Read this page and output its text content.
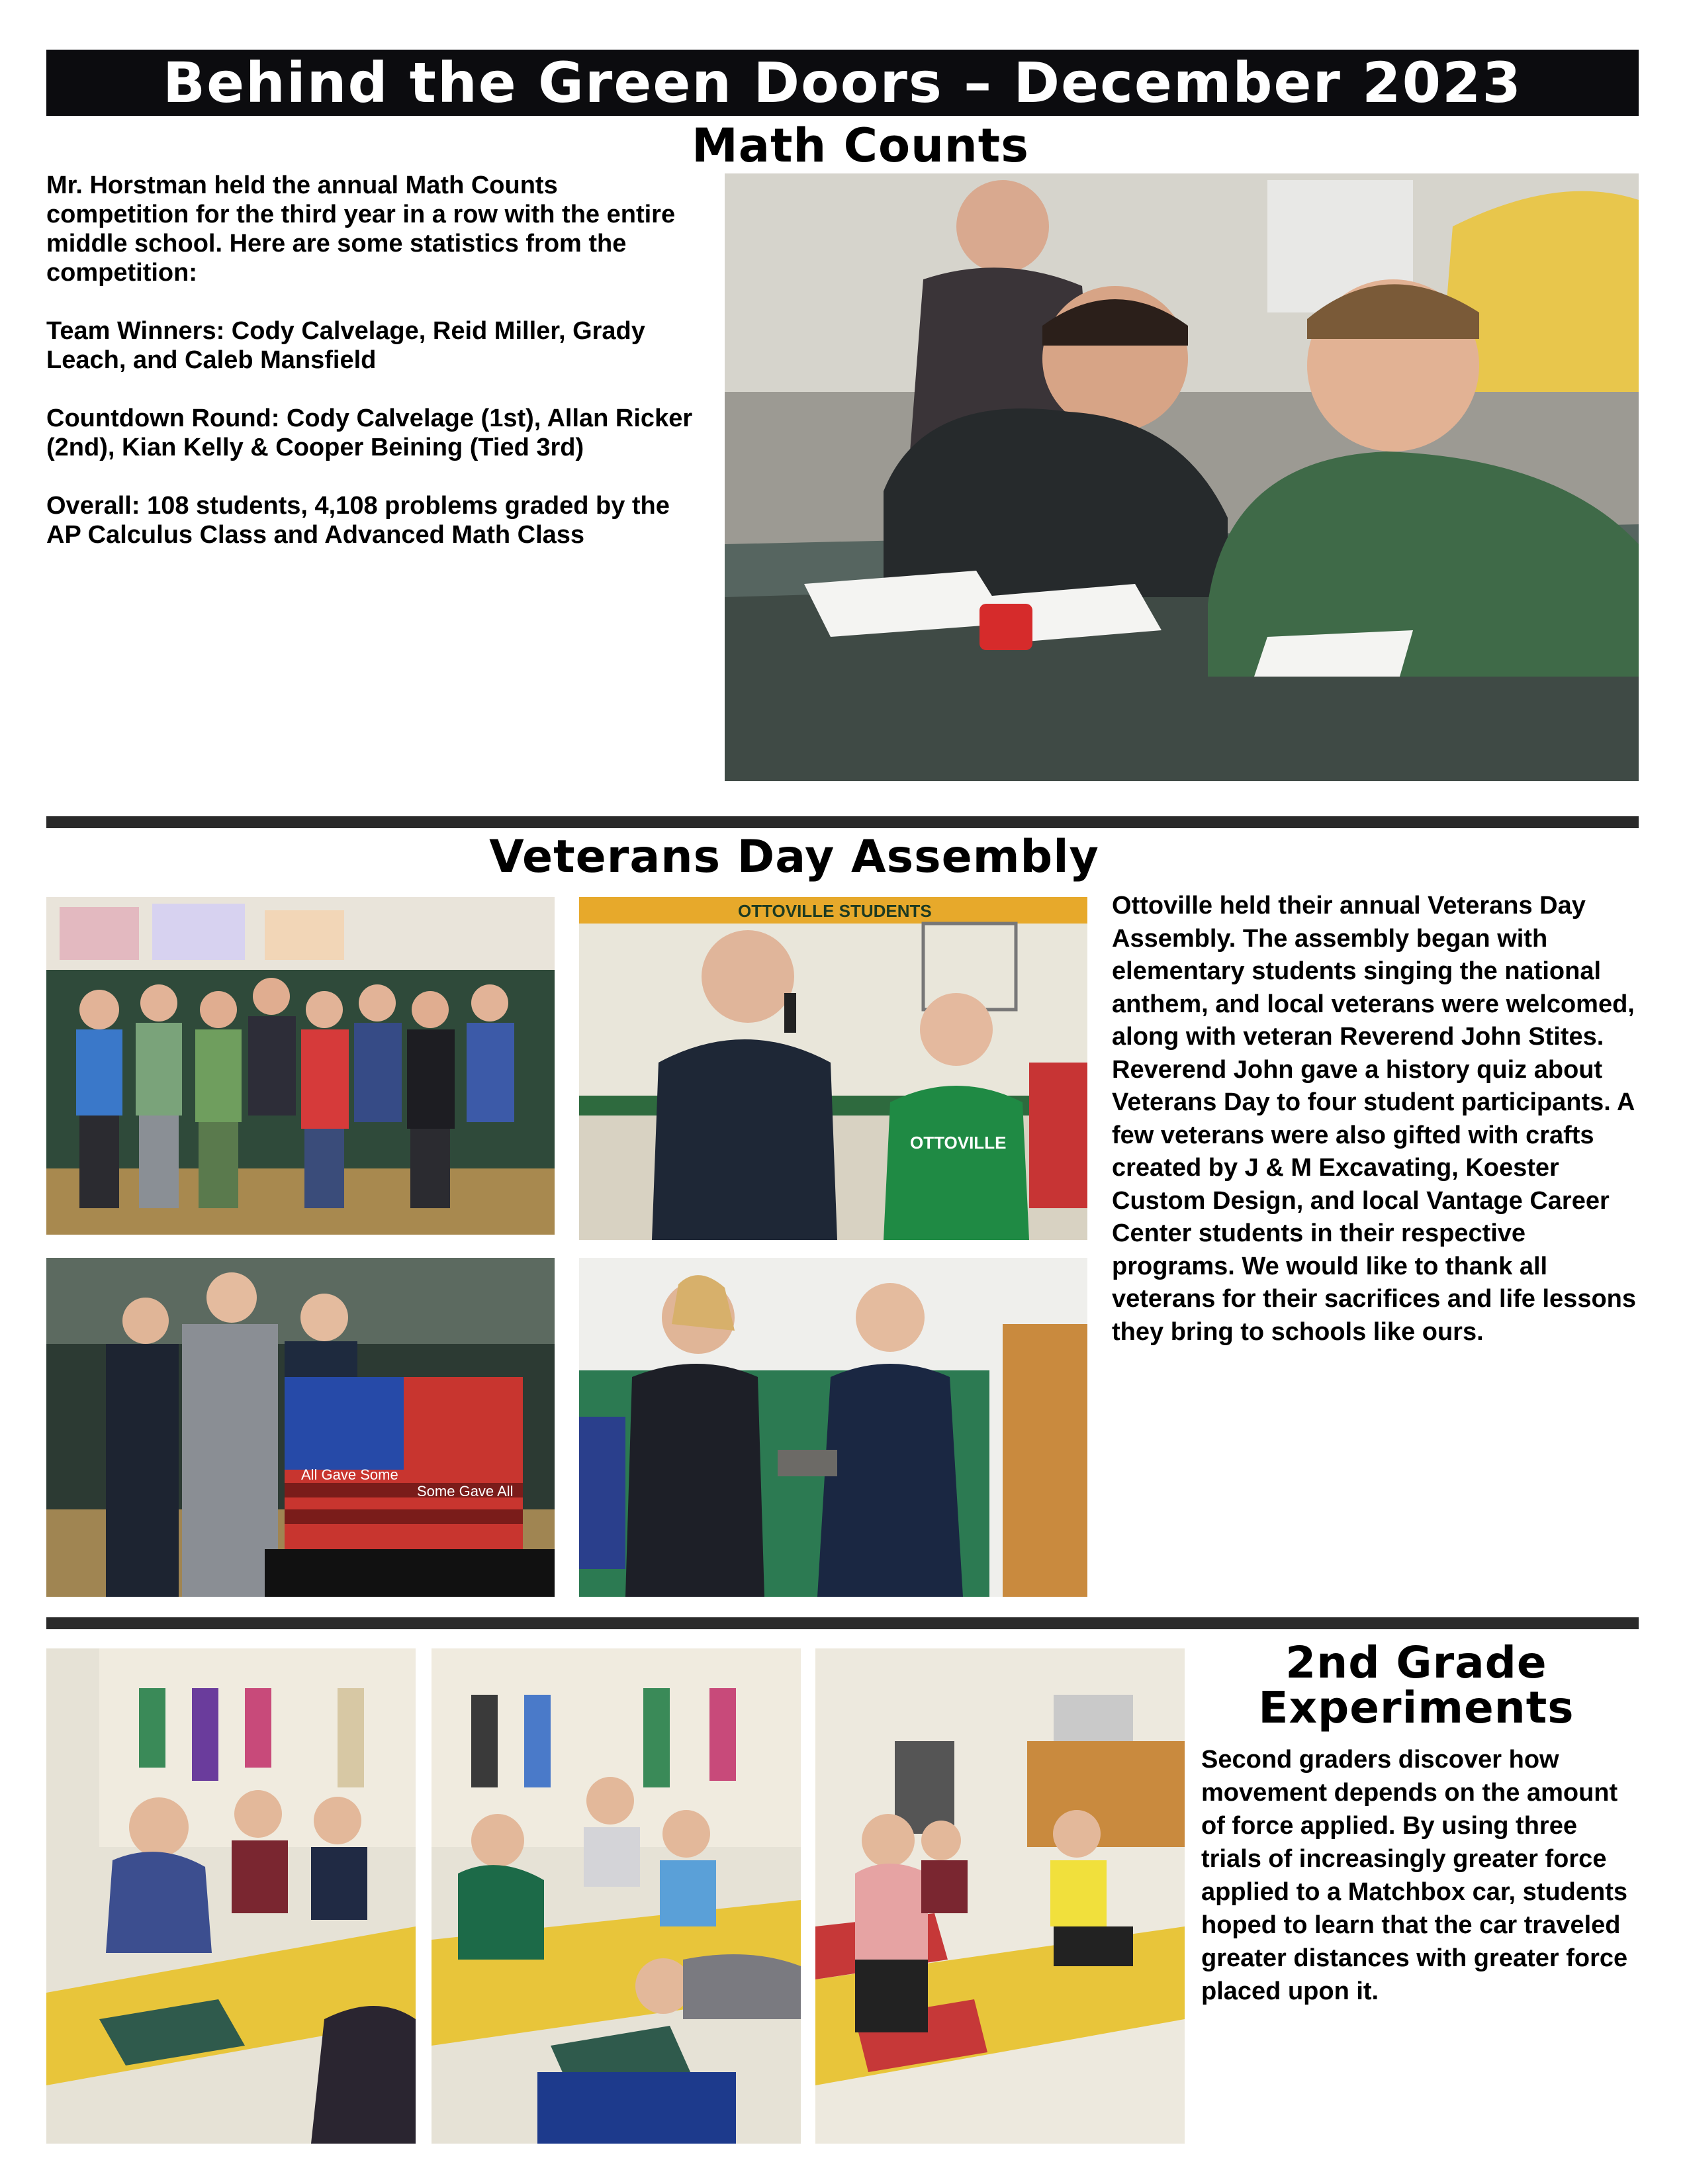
Behind the Green Doors – December 2023
Math Counts

Mr. Horstman held the annual Math Counts competition for the third year in a row with the entire middle school. Here are some statistics from the competition:

Team Winners: Cody Calvelage, Reid Miller, Grady Leach, and Caleb Mansfield

Countdown Round: Cody Calvelage (1st), Allan Ricker (2nd), Kian Kelly & Cooper Beining (Tied 3rd)

Overall: 108 students, 4,108 problems graded by the AP Calculus Class and Advanced Math Class

Veterans Day Assembly
OTTOVILLE STUDENTS
OTTOVILLE
All Gave Some
Some Gave All
Ottoville held their annual Veterans Day Assembly. The assembly began with elementary students singing the national anthem, and local veterans were welcomed, along with veteran Reverend John Stites. Reverend John gave a history quiz about Veterans Day to four student participants. A few veterans were also gifted with crafts created by J & M Excavating, Koester Custom Design, and local Vantage Career Center students in their respective programs. We would like to thank all veterans for their sacrifices and life lessons they bring to schools like ours.
2nd Grade
Experiments
Second graders discover how movement depends on the amount of force applied. By using three trials of increasingly greater force applied to a Matchbox car, students hoped to learn that the car traveled greater distances with greater force placed upon it.
